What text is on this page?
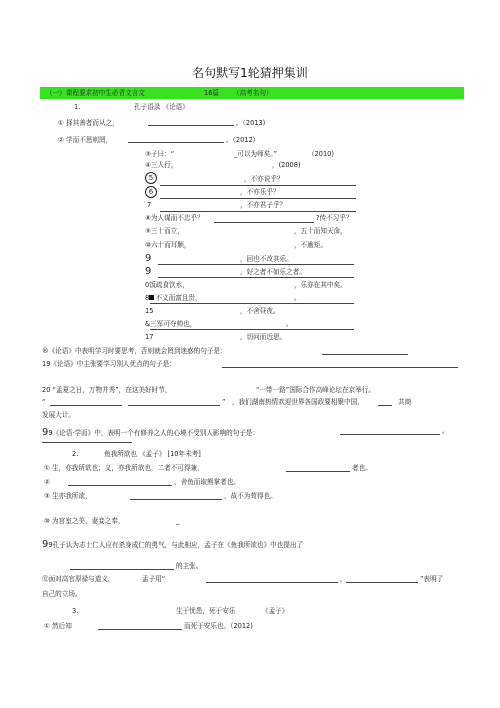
名句默写1轮猜押集训
（一）课程要求初中生必背文言文	16篇 （高考名句）
1.	孔子语录 《论语》
① 择其善者而从之，	。（2013)
② 学而不思则罔，	。（2012)
③子曰：“	_可以为师矣。”	（2010)
④三人行，	，(2008)
5	，不亦说乎？
6	，不亦乐乎？
7	，不亦君子乎？
⑧为人谋而不忠乎？	?传不习乎？
⑨三十而立，	，五十而知天命，
⑩六十而耳顺，	，不逾矩。
9	，回也不改其乐。
9	，好之者不如乐之者。
0饭疏食饮水，	，乐亦在其中矣。
8 不义而富且贵，	。
15	，不舍昼夜。
&三军可夺帅也，	。
17	，切问而近思。
®《论语》中表明学习时要思考，否则就会罔到迷惑的句子是：
19《论语》中主张要学习别人优点的句子是：
20 “孟夏之日，万物并秀”，在这美好时节，	“一带一路”国际合作高峰论坛在京举行。
“	” ，我们湖南热情欢迎世界各国政要相聚中国，	共商
发展大计。
99《论语·学而》中，表明一个有修养之人的心境不受别人影响的句子是：	。
2.	鱼我所欲也 《孟子》 [10年未考]
① 生，亦我所欲也；义，亦我所欲也，二者不可得兼，	者也。
②	，舍鱼而取熊掌者也。
③ 生亦我所欲，	，故不为苟得也。
⑩ 为宫室之美，妻妾之奉，	_
99孔子认为志士仁人应有杀身成仁的勇气，与此相应，孟子在《鱼我所欲也》中也提出了
的主张。
⑫面对高官厚禄与道义，	孟子用“	，	”表明了
自己的立场。
3.	生于忧患，死于安乐	《孟子》
① 然后知	而死于安乐也。（2012)
